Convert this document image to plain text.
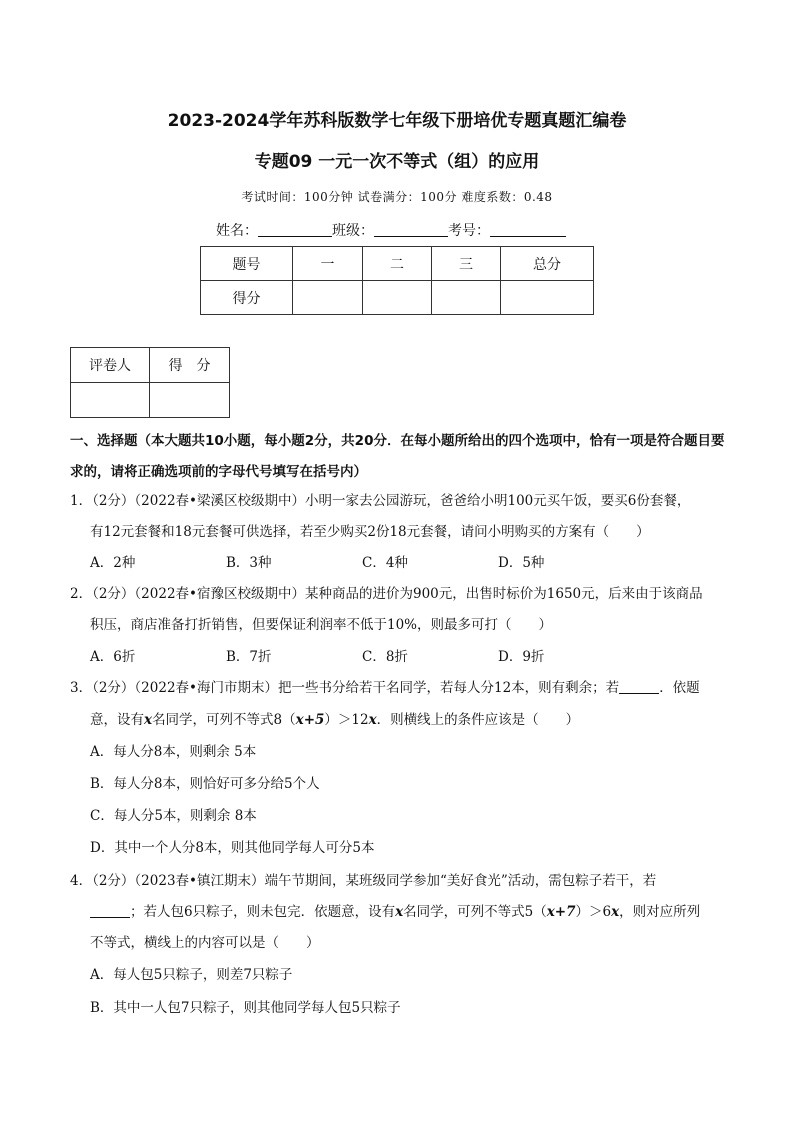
2023-2024学年苏科版数学七年级下册培优专题真题汇编卷
专题09 一元一次不等式（组）的应用
考试时间：100分钟 试卷满分：100分 难度系数：0.48
姓名：	班级：	考号：
题号	一	二	三	总分
得分				
评卷人	得　分

一、选择题（本大题共10小题，每小题2分，共20分．在每小题所给出的四个选项中，恰有一项是符合题目要求的，请将正确选项前的字母代号填写在括号内）
1．（2分）（2022春•梁溪区校级期中）小明一家去公园游玩，爸爸给小明100元买午饭，要买6份套餐，
有12元套餐和18元套餐可供选择，若至少购买2份18元套餐，请问小明购买的方案有（　　）
A．2种	B．3种	C．4种	D．5种
2．（2分）（2022春•宿豫区校级期中）某种商品的进价为900元，出售时标价为1650元，后来由于该商品
积压，商店准备打折销售，但要保证利润率不低于10%，则最多可打（　　）
A．6折	B．7折	C．8折	D．9折
3．（2分）（2022春•海门市期末）把一些书分给若干名同学，若每人分12本，则有剩余；若	．依题
意，设有x名同学，可列不等式8（x+5）＞12x．则横线上的条件应该是（　　）
A．每人分8本，则剩余 5本
B．每人分8本，则恰好可多分给5个人
C．每人分5本，则剩余 8本
D．其中一个人分8本，则其他同学每人可分5本
4．（2分）（2023春•镇江期末）端午节期间，某班级同学参加“美好食光”活动，需包粽子若干，若
；若人包6只粽子，则未包完．依题意，设有x名同学，可列不等式5（x+7）＞6x，则对应所列
不等式，横线上的内容可以是（　　）
A．每人包5只粽子，则差7只粽子
B．其中一人包7只粽子，则其他同学每人包5只粽子
